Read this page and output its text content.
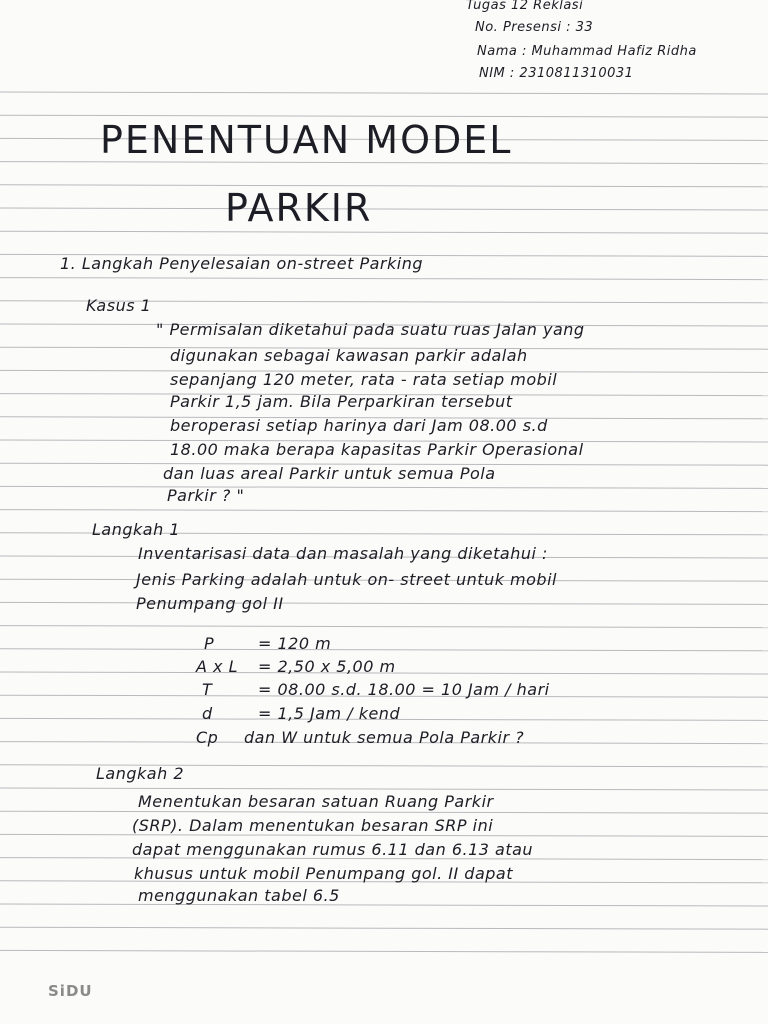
Tugas 12 Reklasi
No. Presensi : 33
Nama : Muhammad Hafiz Ridha
NIM : 2310811310031
PENENTUAN MODEL
PARKIR
1. Langkah Penyelesaian on-street Parking
Kasus 1
" Permisalan diketahui pada suatu ruas Jalan yang
digunakan sebagai kawasan parkir adalah
sepanjang 120 meter, rata - rata setiap mobil
Parkir 1,5 jam. Bila Perparkiran tersebut
beroperasi setiap harinya dari Jam 08.00 s.d
18.00 maka berapa kapasitas Parkir Operasional
dan luas areal Parkir untuk semua Pola
Parkir ? "
Langkah 1
Inventarisasi data dan masalah yang diketahui :
Jenis Parking adalah untuk on- street untuk mobil
Penumpang gol II
P	= 120 m
A x L = 2,50 x 5,00 m
T	= 08.00 s.d. 18.00 = 10 Jam / hari
d	= 1,5 Jam / kend
Cp dan W untuk semua Pola Parkir ?
Langkah 2
Menentukan besaran satuan Ruang Parkir
(SRP). Dalam menentukan besaran SRP ini
dapat menggunakan rumus 6.11 dan 6.13 atau
khusus untuk mobil Penumpang gol. II dapat
menggunakan tabel 6.5
SiDU
